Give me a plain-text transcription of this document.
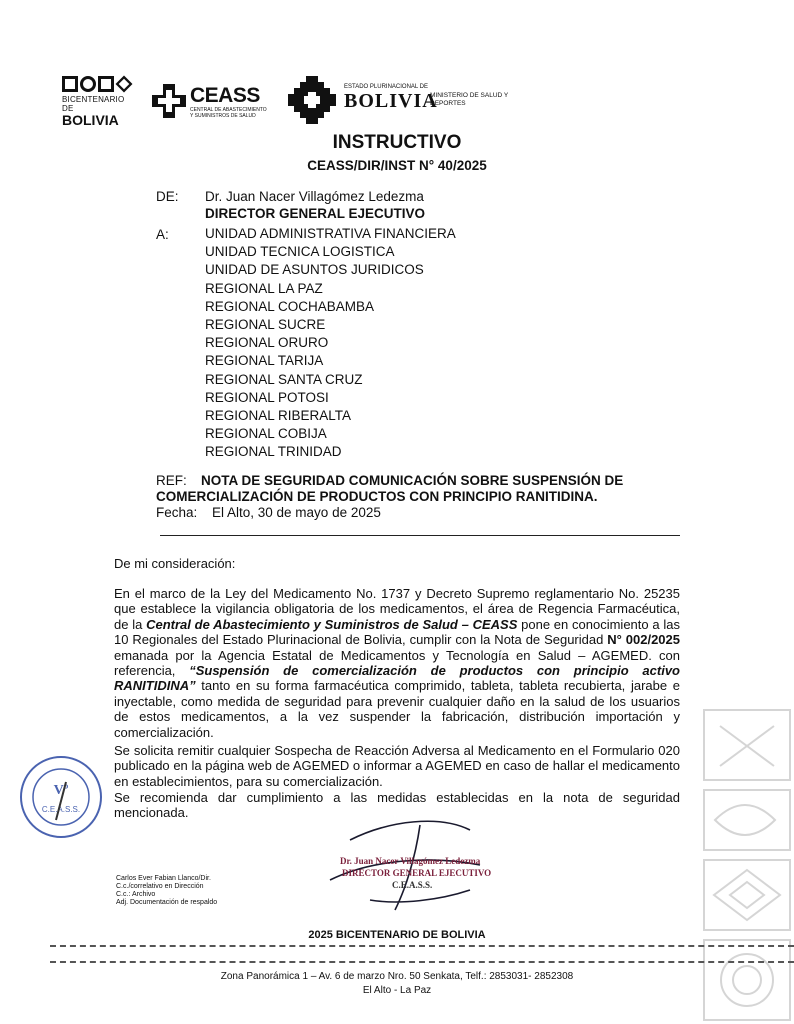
BICENTENARIO DE
BOLIVIA
CEASS
CENTRAL DE ABASTECIMIENTO Y SUMINISTROS DE SALUD
ESTADO PLURINACIONAL DE
BOLIVIA
MINISTERIO DE SALUD Y DEPORTES
INSTRUCTIVO
CEASS/DIR/INST N° 40/2025
DE: Dr. Juan Nacer Villagómez Ledezma
DIRECTOR GENERAL EJECUTIVO
A:	UNIDAD ADMINISTRATIVA FINANCIERA
UNIDAD TECNICA LOGISTICA
UNIDAD DE ASUNTOS JURIDICOS
REGIONAL LA PAZ
REGIONAL COCHABAMBA
REGIONAL SUCRE
REGIONAL ORURO
REGIONAL TARIJA
REGIONAL SANTA CRUZ
REGIONAL POTOSI
REGIONAL RIBERALTA
REGIONAL COBIJA
REGIONAL TRINIDAD
REF: NOTA DE SEGURIDAD COMUNICACIÓN SOBRE SUSPENSIÓN DE
COMERCIALIZACIÓN DE PRODUCTOS CON PRINCIPIO RANITIDINA.
Fecha: El Alto, 30 de mayo de 2025
De mi consideración:
En el marco de la Ley del Medicamento No. 1737 y Decreto Supremo reglamentario No. 25235 que establece la vigilancia obligatoria de los medicamentos, el área de Regencia Farmacéutica, de la Central de Abastecimiento y Suministros de Salud – CEASS pone en conocimiento a las 10 Regionales del Estado Plurinacional de Bolivia, cumplir con la Nota de Seguridad N° 002/2025 emanada por la Agencia Estatal de Medicamentos y Tecnología en Salud – AGEMED. con referencia, “Suspensión de comercialización de productos con principio activo RANITIDINA” tanto en su forma farmacéutica comprimido, tableta, tableta recubierta, jarabe e inyectable, como medida de seguridad para prevenir cualquier daño en la salud de los usuarios de estos medicamentos, a la vez suspender la fabricación, distribución importación y comercialización.
Se solicita remitir cualquier Sospecha de Reacción Adversa al Medicamento en el Formulario 020 publicado en la página web de AGEMED o informar a AGEMED en caso de hallar el medicamento en establecimientos, para su comercialización.
Se recomienda dar cumplimiento a las medidas establecidas en la nota de seguridad mencionada.
Vº
C.E.A.S.S.
Dr. Juan Nacer Villagómez Ledezma
DIRECTOR GENERAL EJECUTIVO
C.E.A.S.S.
Carlos Ever Fabian Llanco/Dir.
C.c./correlativo en Dirección
C.c.: Archivo
Adj. Documentación de respaldo
2025 BICENTENARIO DE BOLIVIA
Zona Panorámica 1 – Av. 6 de marzo Nro. 50 Senkata, Telf.: 2853031- 2852308
El Alto - La Paz
